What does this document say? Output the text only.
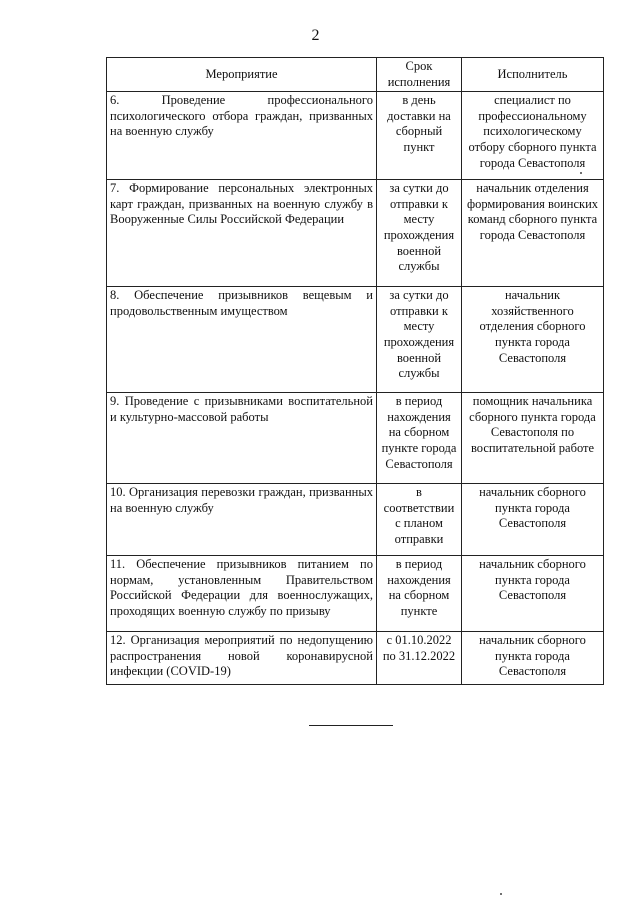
2
Мероприятие	Срок исполнения	Исполнитель
6. Проведение профессионального психологического отбора граждан, призванных на военную службу	в день доставки на сборный пункт	специалист по профессиональному психологическому отбору сборного пункта города Севастополя
7. Формирование персональных электронных карт граждан, призванных на военную службу в Вооруженные Силы Российской Федерации	за сутки до отправки к месту прохождения военной службы	начальник отделения формирования воинских команд сборного пункта города Севастополя
8. Обеспечение призывников вещевым и продовольственным имуществом	за сутки до отправки к месту прохождения военной службы	начальник хозяйственного отделения сборного пункта города Севастополя
9. Проведение с призывниками воспитательной и культурно-массовой работы	в период нахождения на сборном пункте города Севастополя	помощник начальника сборного пункта города Севастополя по воспитательной работе
10. Организация перевозки граждан, призванных на военную службу	в соответствии с планом отправки	начальник сборного пункта города Севастополя
11. Обеспечение призывников питанием по нормам, установленным Правительством Российской Федерации для военнослужащих, проходящих военную службу по призыву	в период нахождения на сборном пункте	начальник сборного пункта города Севастополя
12. Организация мероприятий по недопущению распространения новой коронавирусной инфекции (COVID-19)	с 01.10.2022 по 31.12.2022	начальник сборного пункта города Севастополя
